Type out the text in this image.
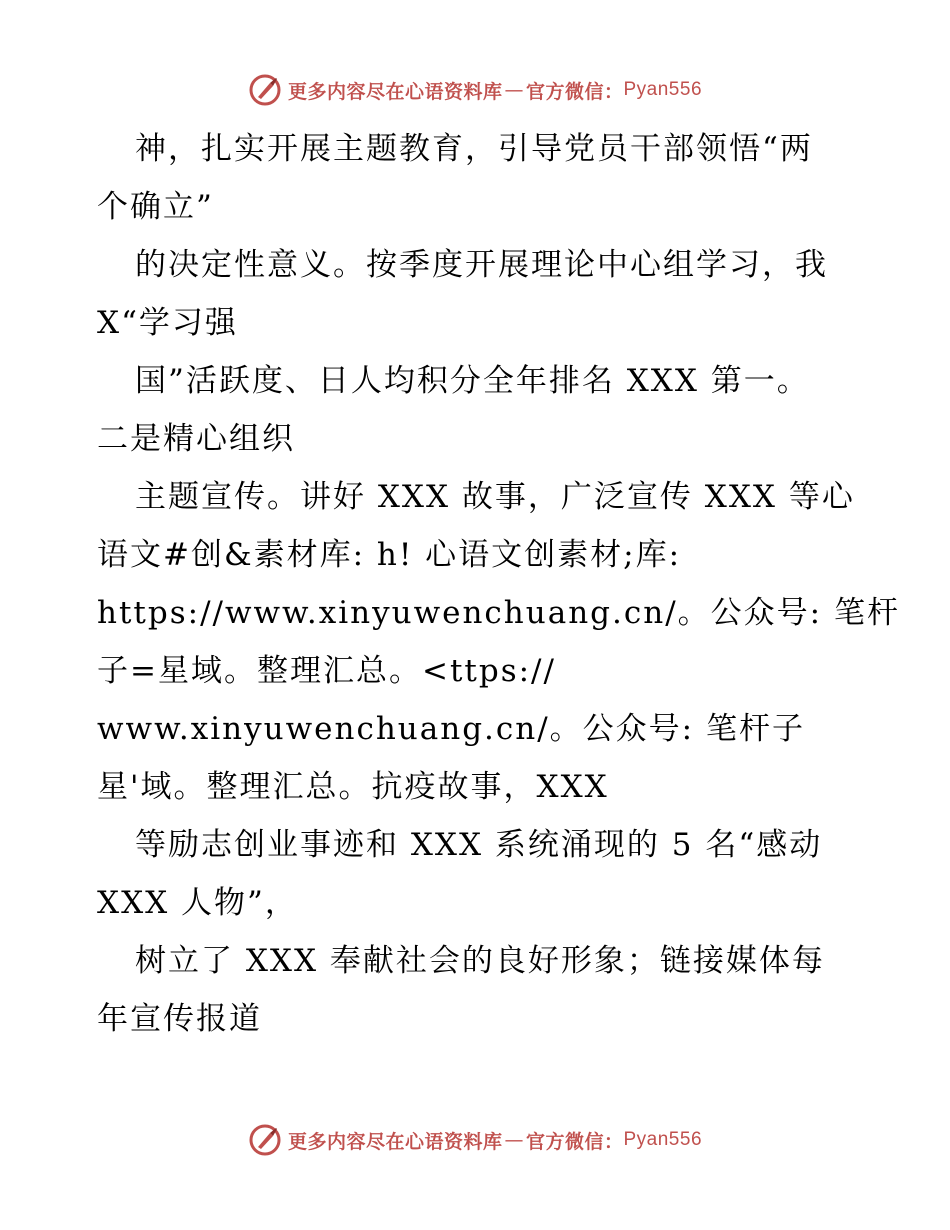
更多内容尽在心语资料库 — 官方微信： Pyan556
神，扎实开展主题教育，引导党员干部领悟“两
个确立”
的决定性意义。按季度开展理论中心组学习，我
X“学习强
国”活跃度、日人均积分全年排名 XXX 第一。
二是精心组织
主题宣传。讲好 XXX 故事，广泛宣传 XXX 等心
语文#创&素材库: h! 心语文创素材;库:
https://www.xinyuwenchuang.cn/。公众号: 笔杆
子=星域。整理汇总。<ttps://
www.xinyuwenchuang.cn/。公众号: 笔杆子
星'域。整理汇总。抗疫故事，XXX
等励志创业事迹和 XXX 系统涌现的 5 名“感动
XXX 人物”，
树立了 XXX 奉献社会的良好形象；链接媒体每
年宣传报道
更多内容尽在心语资料库 — 官方微信： Pyan556
